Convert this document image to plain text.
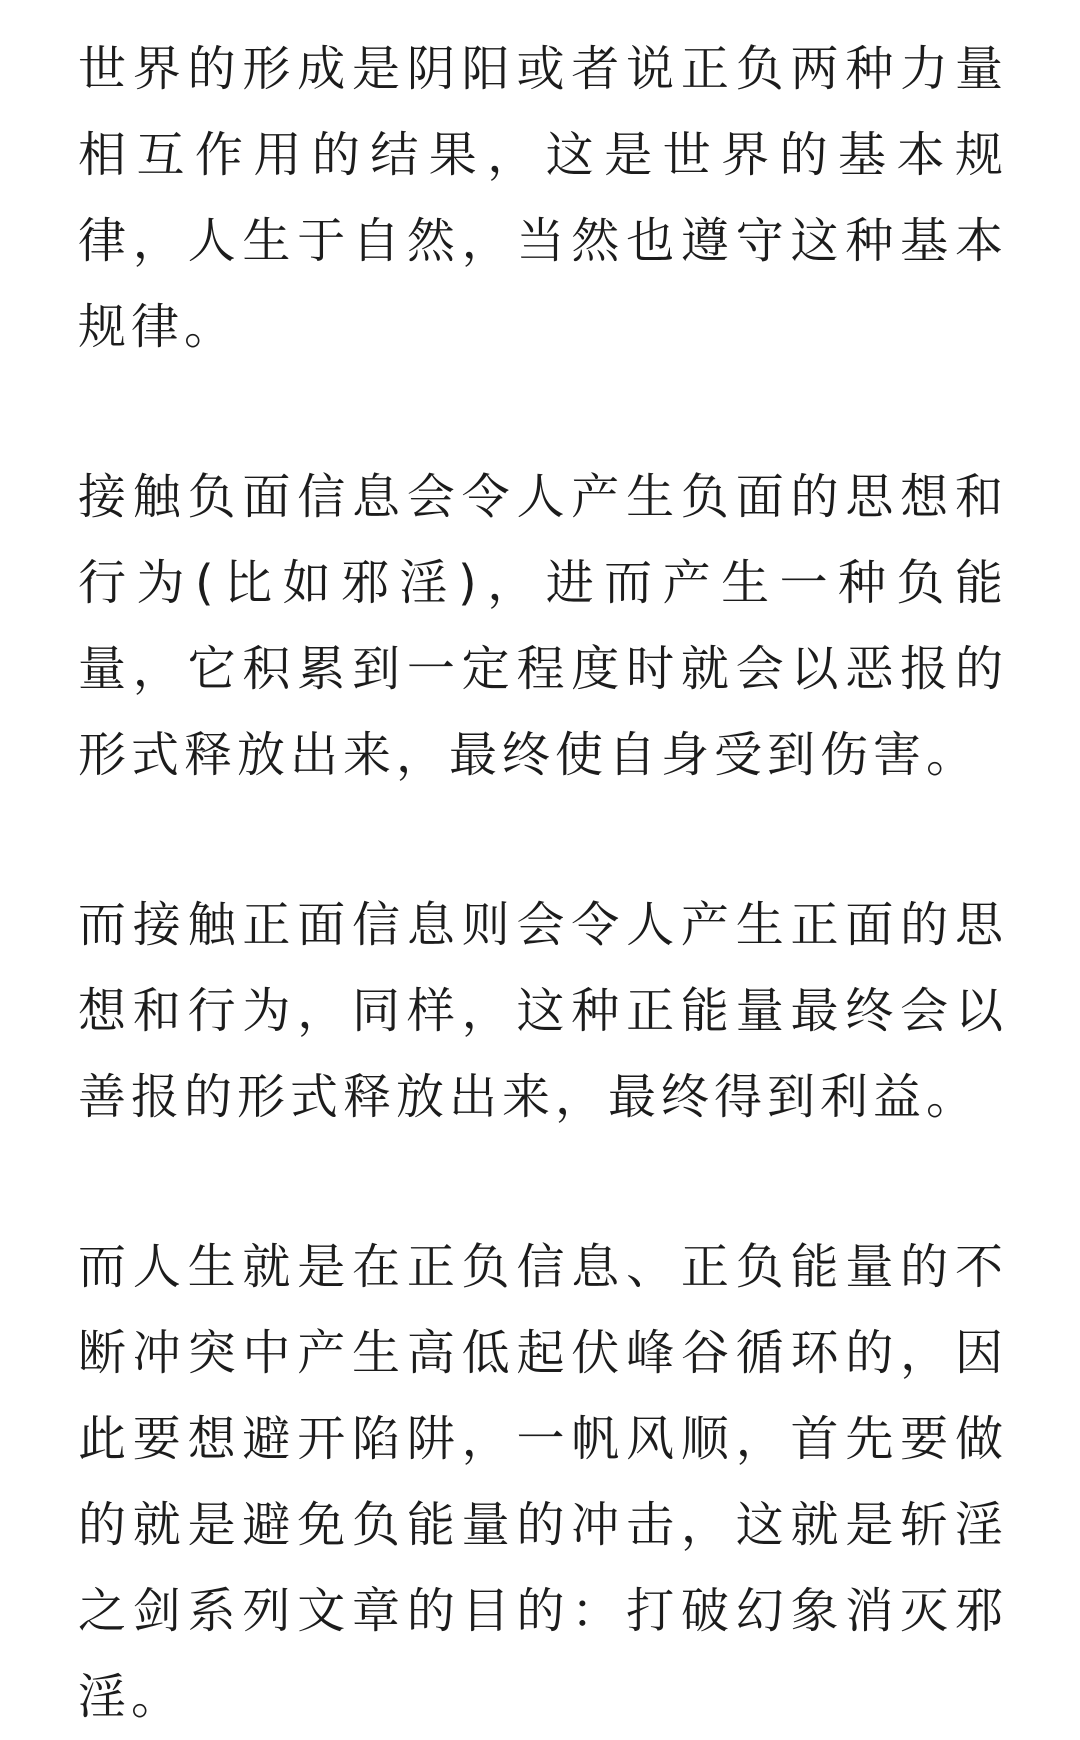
世界的形成是阴阳或者说正负两种力量相互作用的结果，这是世界的基本规律，人生于自然，当然也遵守这种基本规律。

接触负面信息会令人产生负面的思想和行为(比如邪淫)，进而产生一种负能量，它积累到一定程度时就会以恶报的形式释放出来，最终使自身受到伤害。

而接触正面信息则会令人产生正面的思想和行为，同样，这种正能量最终会以善报的形式释放出来，最终得到利益。

而人生就是在正负信息、正负能量的不断冲突中产生高低起伏峰谷循环的，因此要想避开陷阱，一帆风顺，首先要做的就是避免负能量的冲击，这就是斩淫之剑系列文章的目的：打破幻象消灭邪淫。
